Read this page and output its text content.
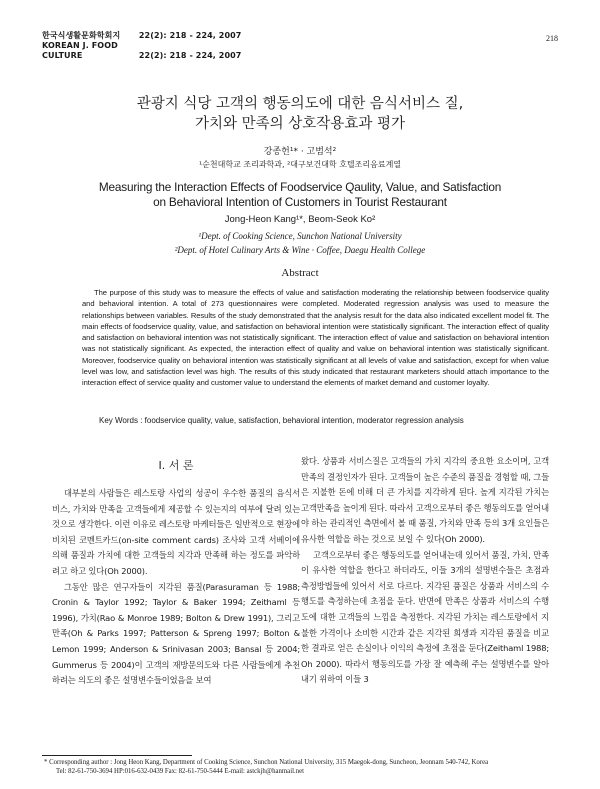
한국식생활문화학회지 22(2): 218 - 224, 2007
KOREAN J. FOOD CULTURE	22(2): 218 - 224, 2007
218
관광지 식당 고객의 행동의도에 대한 음식서비스 질,
가치와 만족의 상호작용효과 평가
강종헌¹* · 고범석²
¹순천대학교 조리과학과, ²대구보건대학 호텔조리음료계열
Measuring the Interaction Effects of Foodservice Qaulity, Value, and Satisfaction
on Behavioral Intention of Customers in Tourist Restaurant
Jong-Heon Kang¹*, Beom-Seok Ko²
¹Dept. of Cooking Science, Sunchon National University
²Dept. of Hotel Culinary Arts & Wine · Coffee, Daegu Health College
Abstract
The purpose of this study was to measure the effects of value and satisfaction moderating the relationship between foodservice quality and behavioral intention. A total of 273 questionnaires were completed. Moderated regression analysis was used to measure the relationships between variables. Results of the study demonstrated that the analysis result for the data also indicated excellent model fit. The main effects of foodservice quality, value, and satisfaction on behavioral intention were statistically significant. The interaction effect of quality and satisfaction on behavioral intention was not statistically significant. The interaction effect of value and satisfaction on behavioral intention was not statistically significant. As expected, the interaction effect of quality and value on behavioral intention was statistically significant. Moreover, foodservice quality on behavioral intention was statistically significant at all levels of value and satisfaction, except for when value level was low, and satisfaction level was high. The results of this study indicated that restaurant marketers should attach importance to the interaction effect of service quality and customer value to understand the elements of market demand and customer loyalty.
Key Words : foodservice quality, value, satisfaction, behavioral intention, moderator regression analysis
I. 서 론

대부분의 사람들은 레스토랑 사업의 성공이 우수한 품질의 음식서비스, 가치와 만족을 고객들에게 제공할 수 있는지의 여부에 달려 있는 것으로 생각한다. 이런 이유로 레스토랑 마케터들은 일반적으로 현장에 비치된 코멘트카드(on-site comment cards) 조사와 고객 서베이에 의해 품질과 가치에 대한 고객들의 지각과 만족해 하는 정도를 파악하려고 하고 있다(Oh 2000).

그동안 많은 연구자들이 지각된 품질(Parasuraman 등 1988; Cronin & Taylor 1992; Taylor & Baker 1994; Zeithaml 등 1996), 가치(Rao & Monroe 1989; Bolton & Drew 1991), 그리고 만족(Oh & Parks 1997; Patterson & Spreng 1997; Bolton & Lemon 1999; Anderson & Srinivasan 2003; Bansal 등 2004; Gummerus 등 2004)이 고객의 재방문의도와 다른 사람들에게 추천하려는 의도의 좋은 설명변수들이었음을 보여

왔다. 상품과 서비스질은 고객들의 가치 지각의 중요한 요소이며, 고객 만족의 결정인자가 된다. 고객들이 높은 수준의 품질을 경험할 때, 그들은 지불한 돈에 비해 더 큰 가치를 지각하게 된다. 높게 지각된 가치는 고객만족을 높이게 된다. 따라서 고객으로부터 좋은 행동의도를 얻어내야 하는 관리적인 측면에서 볼 때 품질, 가치와 만족 등의 3개 요인들은 유사한 역할을 하는 것으로 보일 수 있다(Oh 2000).

고객으로부터 좋은 행동의도를 얻어내는데 있어서 품질, 가치, 만족이 유사한 역할을 한다고 하더라도, 이들 3개의 설명변수들은 초점과 측정방법들에 있어서 서로 다르다. 지각된 품질은 상품과 서비스의 수행도를 측정하는데 초점을 둔다. 반면에 만족은 상품과 서비스의 수행도에 대한 고객들의 느낌을 측정한다. 지각된 가치는 레스토랑에서 지불한 가격이나 소비한 시간과 같은 지각된 희생과 지각된 품질을 비교한 결과로 얻은 손실이나 이익의 측정에 초점을 둔다(Zeithaml 1988; Oh 2000). 따라서 행동의도를 가장 잘 예측해 주는 설명변수를 알아내기 위하여 이들 3

* Corresponding author : Jong Heon Kang, Department of Cooking Science, Sunchon National University, 315 Maegok-dong, Suncheon, Jeonnam 540-742, Korea
Tel: 82-61-750-3694 HP:016-632-0439 Fax: 82-61-750-5444 E-mail: astckjh@hanmail.net
